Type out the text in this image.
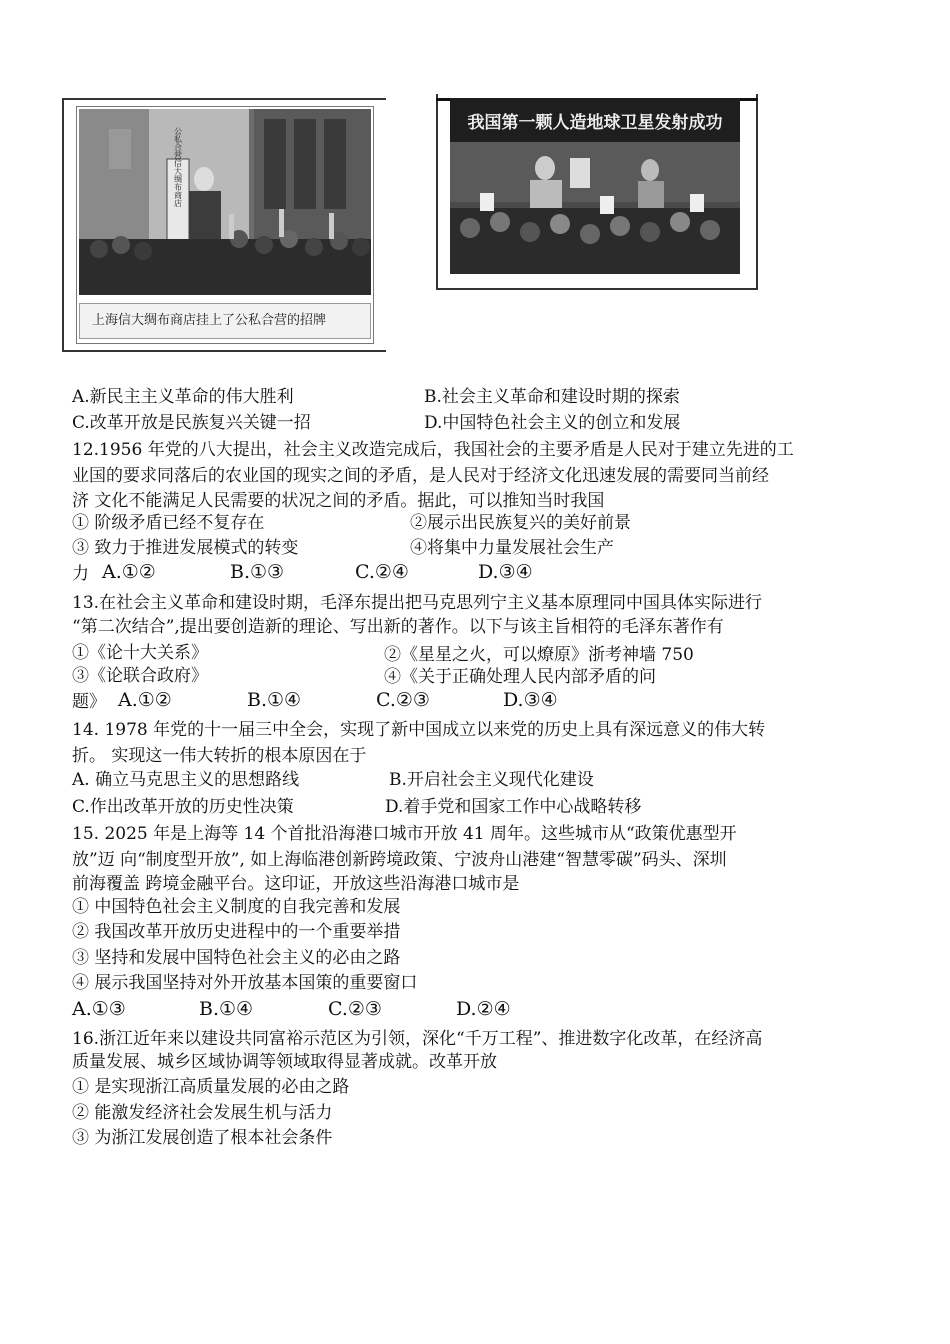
公私合营信大绸布商店
上海信大绸布商店挂上了公私合营的招牌
我国第一颗人造地球卫星发射成功
A.新民主主义革命的伟大胜利	B.社会主义革命和建设时期的探索
C.改革开放是民族复兴关键一招	D.中国特色社会主义的创立和发展
12.1956 年党的八大提出，社会主义改造完成后，我国社会的主要矛盾是人民对于建立先进的工
业国的要求同落后的农业国的现实之间的矛盾，是人民对于经济文化迅速发展的需要同当前经
济 文化不能满足人民需要的状况之间的矛盾。据此，可以推知当时我国
① 阶级矛盾已经不复存在	②展示出民族复兴的美好前景
③ 致力于推进发展模式的转变	④将集中力量发展社会生产
力 A.①②	B.①③	C.②④	D.③④
13.在社会主义革命和建设时期，毛泽东提出把马克思列宁主义基本原理同中国具体实际进行
“第二次结合”,提出要创造新的理论、写出新的著作。以下与该主旨相符的毛泽东著作有
①《论十大关系》	②《星星之火，可以燎原》浙考神墙 750
③《论联合政府》	④《关于正确处理人民内部矛盾的问
题》 A.①②	B.①④	C.②③	D.③④
14. 1978 年党的十一届三中全会，实现了新中国成立以来党的历史上具有深远意义的伟大转
折。 实现这一伟大转折的根本原因在于
A. 确立马克思主义的思想路线	B.开启社会主义现代化建设
C.作出改革开放的历史性决策	D.着手党和国家工作中心战略转移
15. 2025 年是上海等 14 个首批沿海港口城市开放 41 周年。这些城市从“政策优惠型开
放”迈 向“制度型开放”, 如上海临港创新跨境政策、宁波舟山港建“智慧零碳”码头、深圳
前海覆盖 跨境金融平台。这印证，开放这些沿海港口城市是
① 中国特色社会主义制度的自我完善和发展
② 我国改革开放历史进程中的一个重要举措
③ 坚持和发展中国特色社会主义的必由之路
④ 展示我国坚持对外开放基本国策的重要窗口
A.①③	B.①④	C.②③	D.②④
16.浙江近年来以建设共同富裕示范区为引领，深化“千万工程”、推进数字化改革，在经济高
质量发展、城乡区域协调等领域取得显著成就。改革开放
① 是实现浙江高质量发展的必由之路
② 能激发经济社会发展生机与活力
③ 为浙江发展创造了根本社会条件
